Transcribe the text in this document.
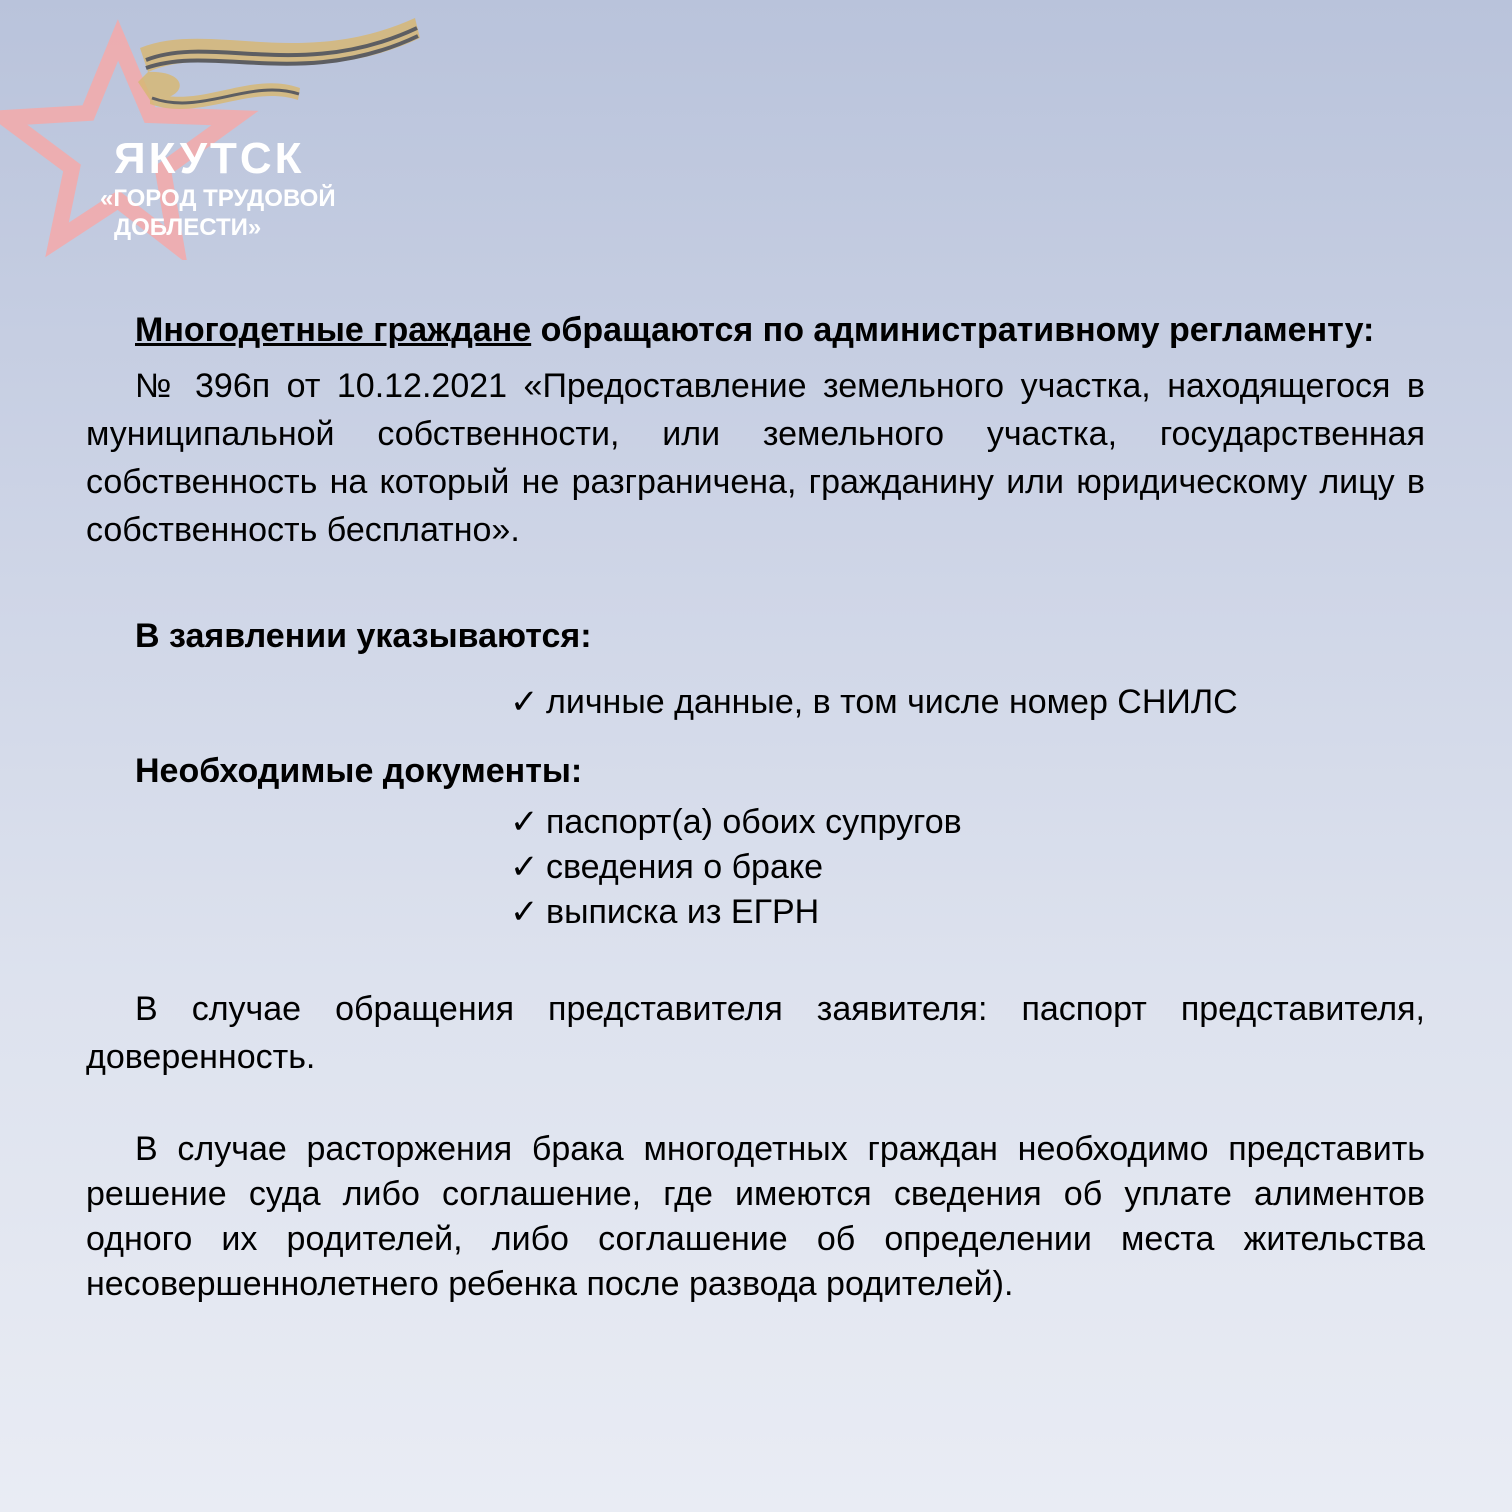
ЯКУТСК
«ГОРОД ТРУДОВОЙ
ДОБЛЕСТИ»

Многодетные граждане обращаются по административному регламенту:

№ 396п от 10.12.2021 «Предоставление земельного участка, находящегося в муниципальной собственности, или земельного участка, государственная собственность на который не разграничена, гражданину или юридическому лицу в собственность бесплатно».

В заявлении указываются:

✓ личные данные, в том числе номер СНИЛС

Необходимые документы:

✓ паспорт(а) обоих супругов
✓ сведения о браке
✓ выписка из ЕГРН

В случае обращения представителя заявителя: паспорт представителя, доверенность.

В случае расторжения брака многодетных граждан необходимо представить решение суда либо соглашение, где имеются сведения об уплате алиментов одного их родителей, либо соглашение об определении места жительства несовершеннолетнего ребенка после развода родителей).
